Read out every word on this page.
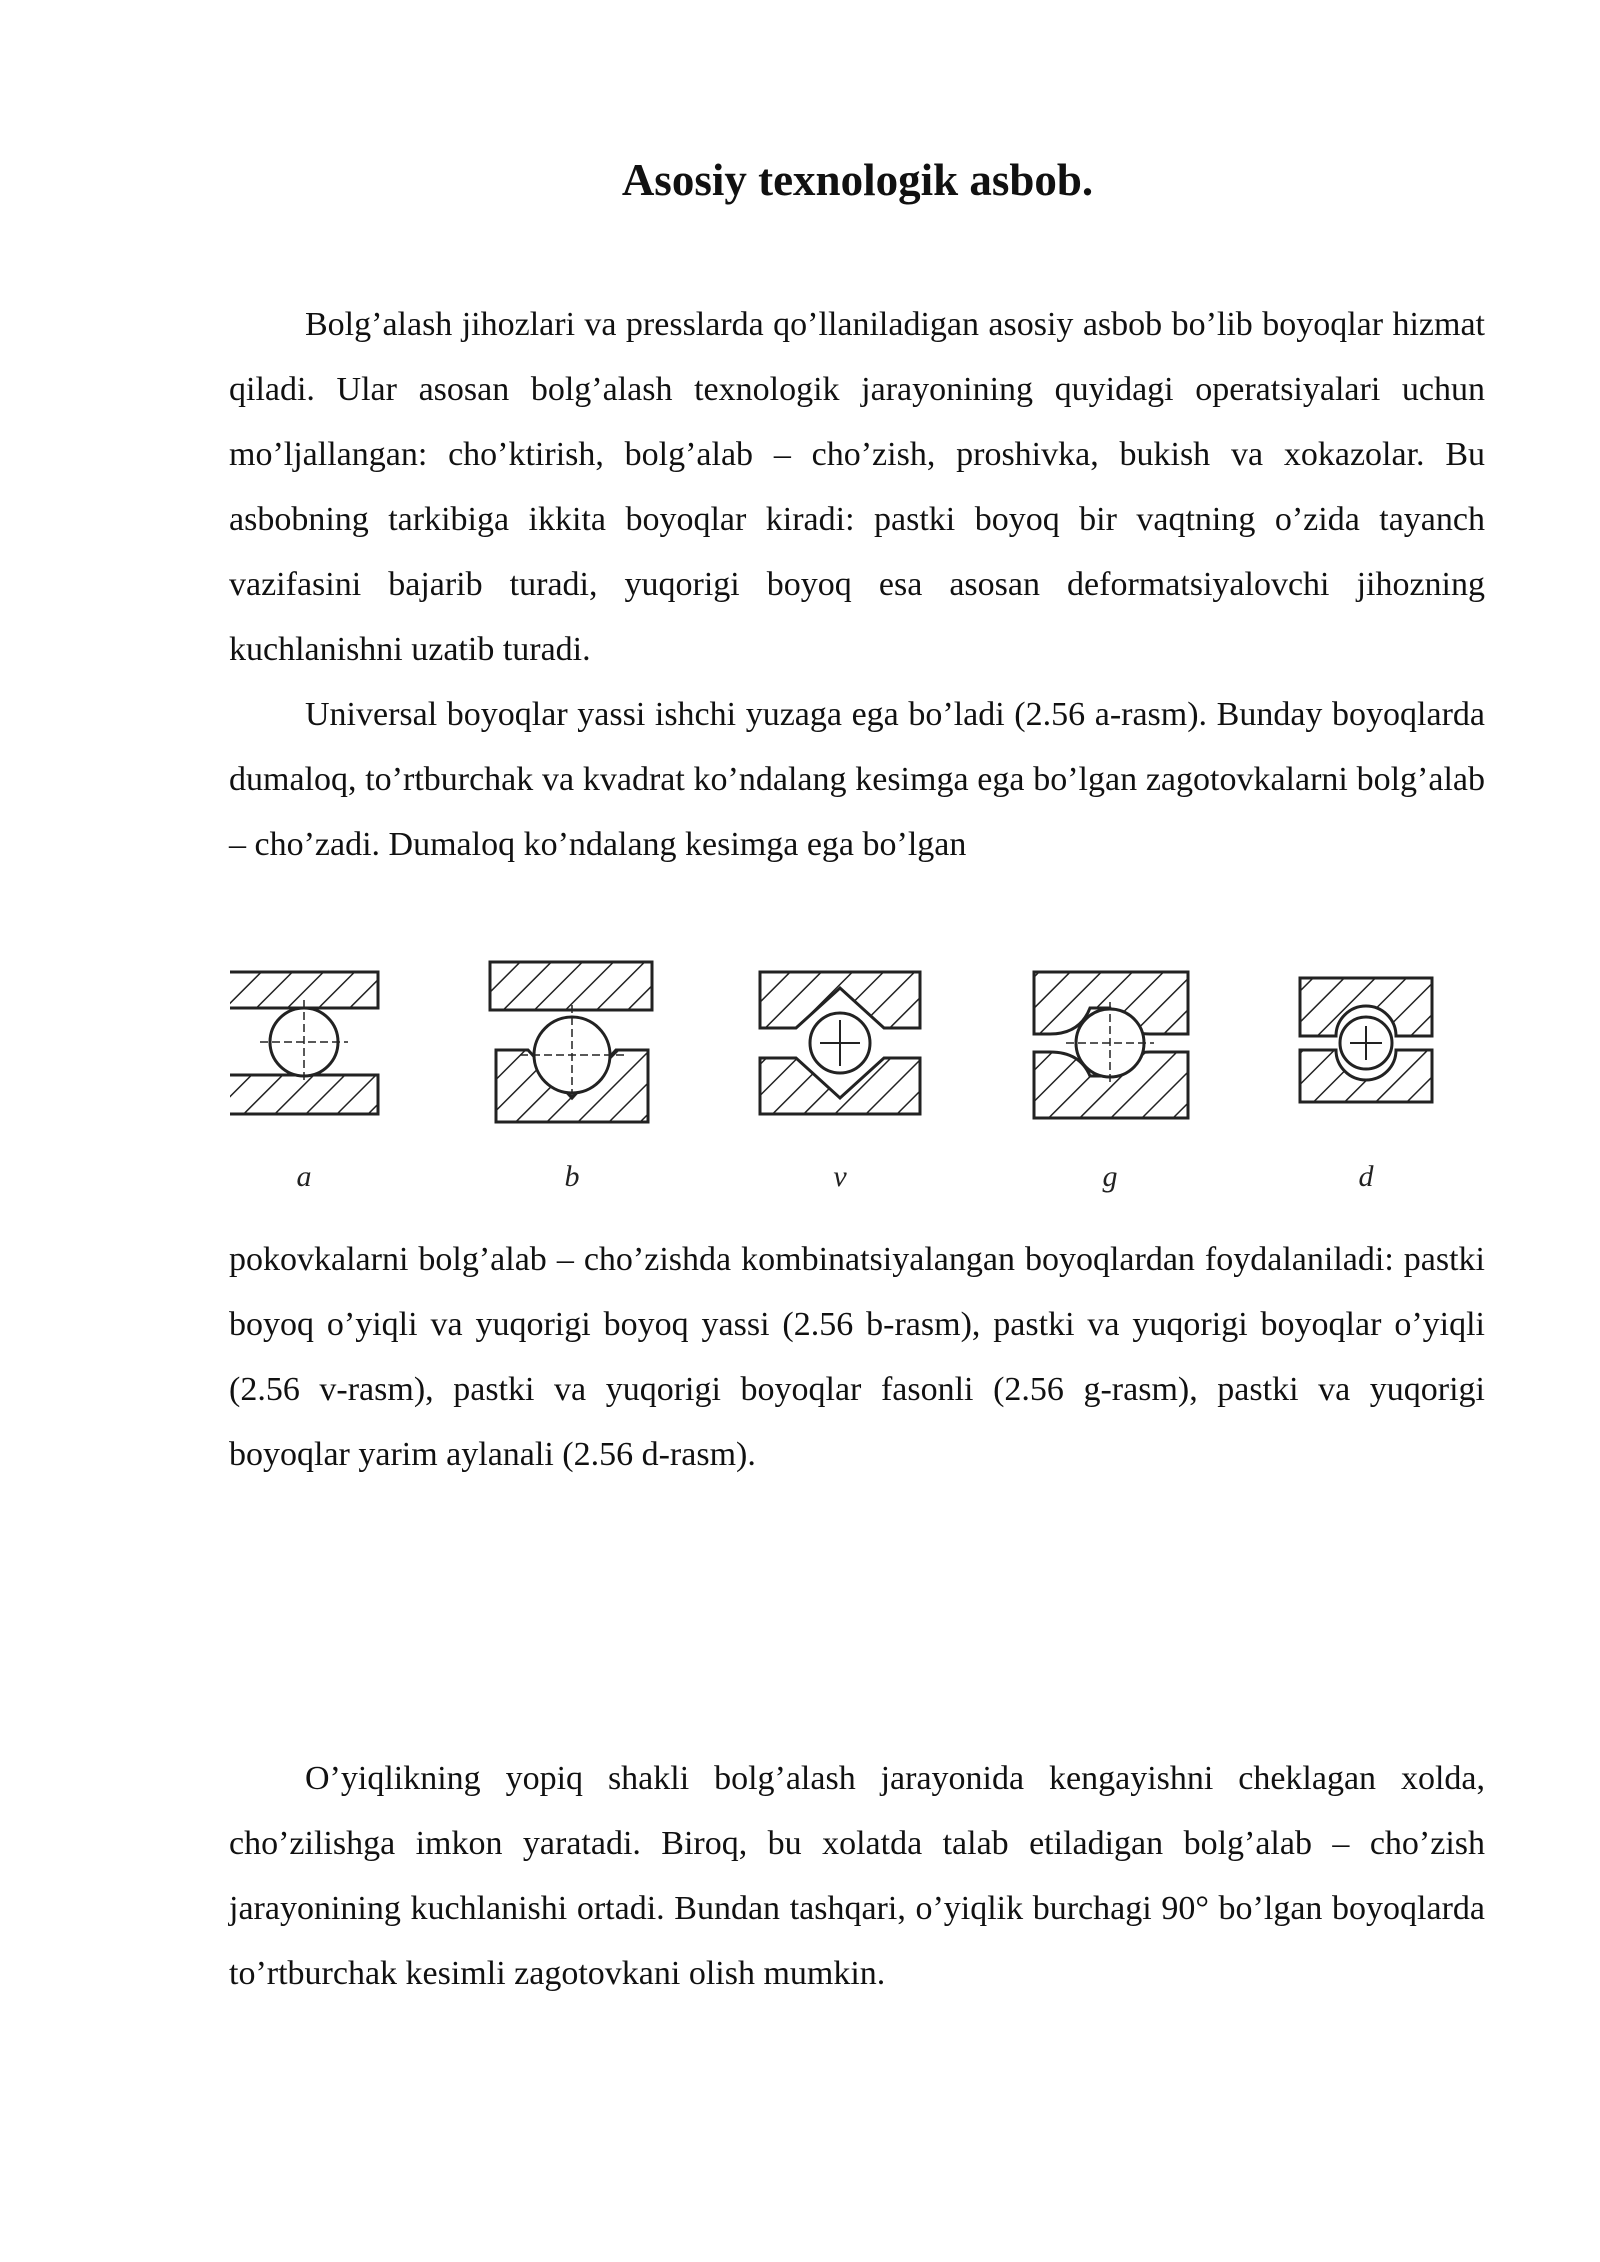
Asosiy texnologik asbob.

Bolg’alash jihozlari va presslarda qo’llaniladigan asosiy asbob bo’lib boyoqlar hizmat qiladi. Ular asosan bolg’alash texnologik jarayonining quyidagi operatsiyalari uchun mo’ljallangan: cho’ktirish, bolg’alab – cho’zish, proshivka, bukish va xokazolar. Bu asbobning tarkibiga ikkita boyoqlar kiradi: pastki boyoq bir vaqtning o’zida tayanch vazifasini bajarib turadi, yuqorigi boyoq esa asosan deformatsiyalovchi jihozning kuchlanishni uzatib turadi.

Universal boyoqlar yassi ishchi yuzaga ega bo’ladi (2.56 a-rasm). Bunday boyoqlarda dumaloq, to’rtburchak va kvadrat ko’ndalang kesimga ega bo’lgan zagotovkalarni bolg’alab – cho’zadi. Dumaloq ko’ndalang kesimga ega bo’lgan

a	b	v	g	d

pokovkalarni bolg’alab – cho’zishda kombinatsiyalangan boyoqlardan foydalaniladi: pastki boyoq o’yiqli va yuqorigi boyoq yassi (2.56 b-rasm), pastki va yuqorigi boyoqlar o’yiqli (2.56 v-rasm), pastki va yuqorigi boyoqlar fasonli (2.56 g-rasm), pastki va yuqorigi boyoqlar yarim aylanali (2.56 d-rasm).

O’yiqlikning yopiq shakli bolg’alash jarayonida kengayishni cheklagan xolda, cho’zilishga imkon yaratadi. Biroq, bu xolatda talab etiladigan bolg’alab – cho’zish jarayonining kuchlanishi ortadi. Bundan tashqari, o’yiqlik burchagi 90° bo’lgan boyoqlarda to’rtburchak kesimli zagotovkani olish mumkin.
